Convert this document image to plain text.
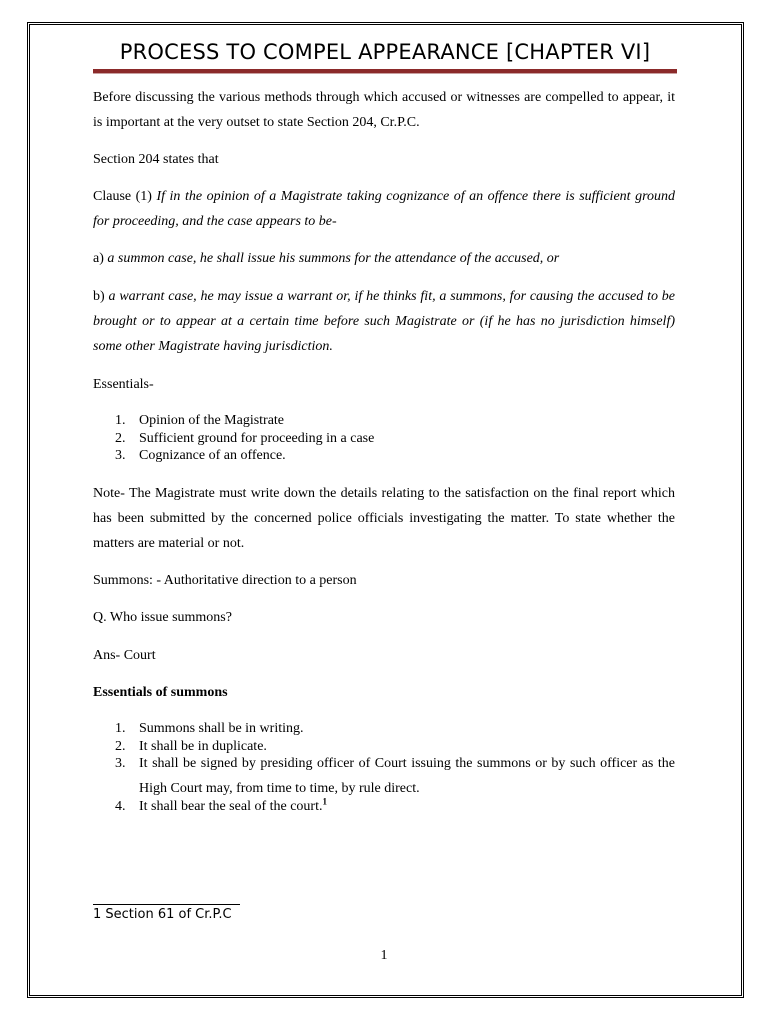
PROCESS TO COMPEL APPEARANCE [CHAPTER VI]

Before discussing the various methods through which accused or witnesses are compelled to appear, it is important at the very outset to state Section 204, Cr.P.C.

Section 204 states that

Clause (1) If in the opinion of a Magistrate taking cognizance of an offence there is sufficient ground for proceeding, and the case appears to be-

a) a summon case, he shall issue his summons for the attendance of the accused, or

b) a warrant case, he may issue a warrant or, if he thinks fit, a summons, for causing the accused to be brought or to appear at a certain time before such Magistrate or (if he has no jurisdiction himself) some other Magistrate having jurisdiction.

Essentials-

1. Opinion of the Magistrate
2. Sufficient ground for proceeding in a case
3. Cognizance of an offence.

Note- The Magistrate must write down the details relating to the satisfaction on the final report which has been submitted by the concerned police officials investigating the matter. To state whether the matters are material or not.

Summons: - Authoritative direction to a person

Q. Who issue summons?

Ans- Court

Essentials of summons

1. Summons shall be in writing.
2. It shall be in duplicate.
3. It shall be signed by presiding officer of Court issuing the summons or by such officer as the High Court may, from time to time, by rule direct.
4. It shall bear the seal of the court.$^1$
1 Section 61 of Cr.P.C
1
